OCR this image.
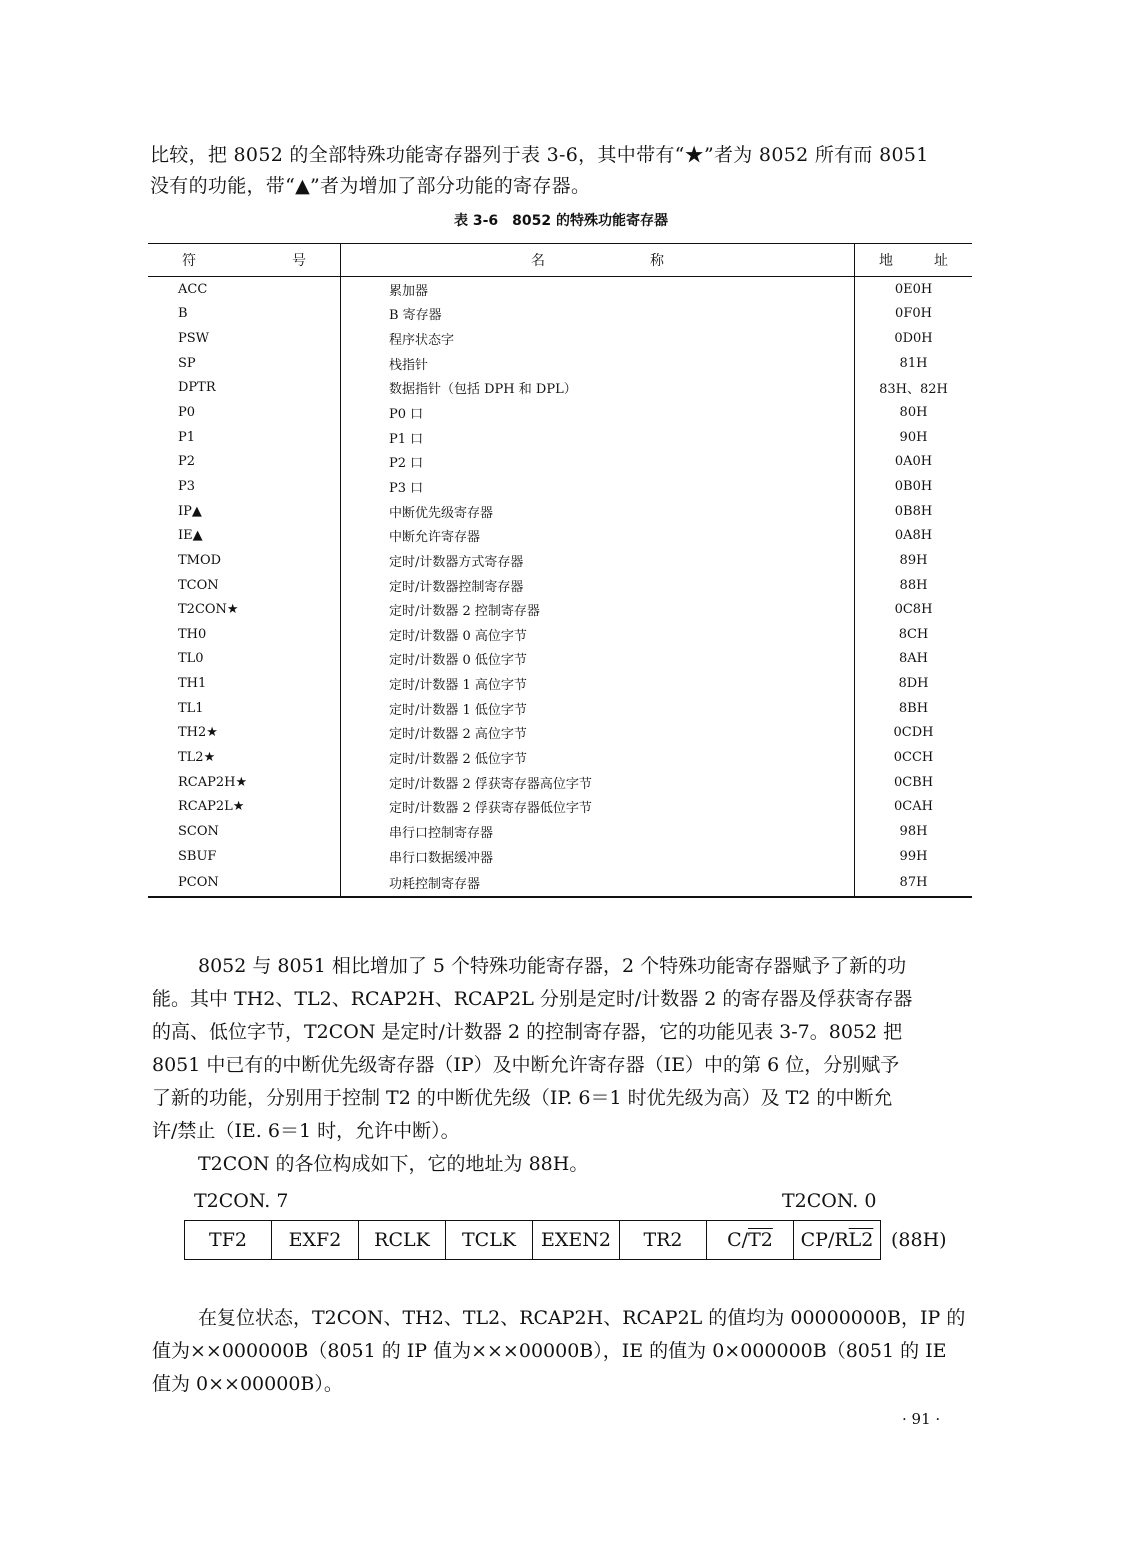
比较，把 8052 的全部特殊功能寄存器列于表 3-6，其中带有“★”者为 8052 所有而 8051
没有的功能，带“▲”者为增加了部分功能的寄存器。
表 3-6　8052 的特殊功能寄存器
符 号	名 称	地 址

ACC	累加器	0E0H
B	B 寄存器	0F0H
PSW	程序状态字	0D0H
SP	栈指针	81H
DPTR	数据指针（包括 DPH 和 DPL）	83H、82H
P0	P0 口	80H
P1	P1 口	90H
P2	P2 口	0A0H
P3	P3 口	0B0H
IP▲	中断优先级寄存器	0B8H
IE▲	中断允许寄存器	0A8H
TMOD	定时/计数器方式寄存器	89H
TCON	定时/计数器控制寄存器	88H
T2CON★	定时/计数器 2 控制寄存器	0C8H
TH0	定时/计数器 0 高位字节	8CH
TL0	定时/计数器 0 低位字节	8AH
TH1	定时/计数器 1 高位字节	8DH
TL1	定时/计数器 1 低位字节	8BH
TH2★	定时/计数器 2 高位字节	0CDH
TL2★	定时/计数器 2 低位字节	0CCH
RCAP2H★	定时/计数器 2 俘获寄存器高位字节	0CBH
RCAP2L★	定时/计数器 2 俘获寄存器低位字节	0CAH
SCON	串行口控制寄存器	98H
SBUF	串行口数据缓冲器	99H
PCON	功耗控制寄存器	87H
8052 与 8051 相比增加了 5 个特殊功能寄存器，2 个特殊功能寄存器赋予了新的功
能。其中 TH2、TL2、RCAP2H、RCAP2L 分别是定时/计数器 2 的寄存器及俘获寄存器
的高、低位字节，T2CON 是定时/计数器 2 的控制寄存器，它的功能见表 3-7。8052 把
8051 中已有的中断优先级寄存器（IP）及中断允许寄存器（IE）中的第 6 位，分别赋予
了新的功能，分别用于控制 T2 的中断优先级（IP. 6＝1 时优先级为高）及 T2 的中断允
许/禁止（IE. 6＝1 时，允许中断）。
T2CON 的各位构成如下，它的地址为 88H。
T2CON. 7	T2CON. 0
TF2	EXF2	RCLK	TCLK	EXEN2	TR2	C/T2	CP/RL2 (88H)
在复位状态，T2CON、TH2、TL2、RCAP2H、RCAP2L 的值均为 00000000B，IP 的
值为××000000B（8051 的 IP 值为×××00000B），IE 的值为 0×000000B（8051 的 IE
值为 0××00000B）。
· 91 ·
